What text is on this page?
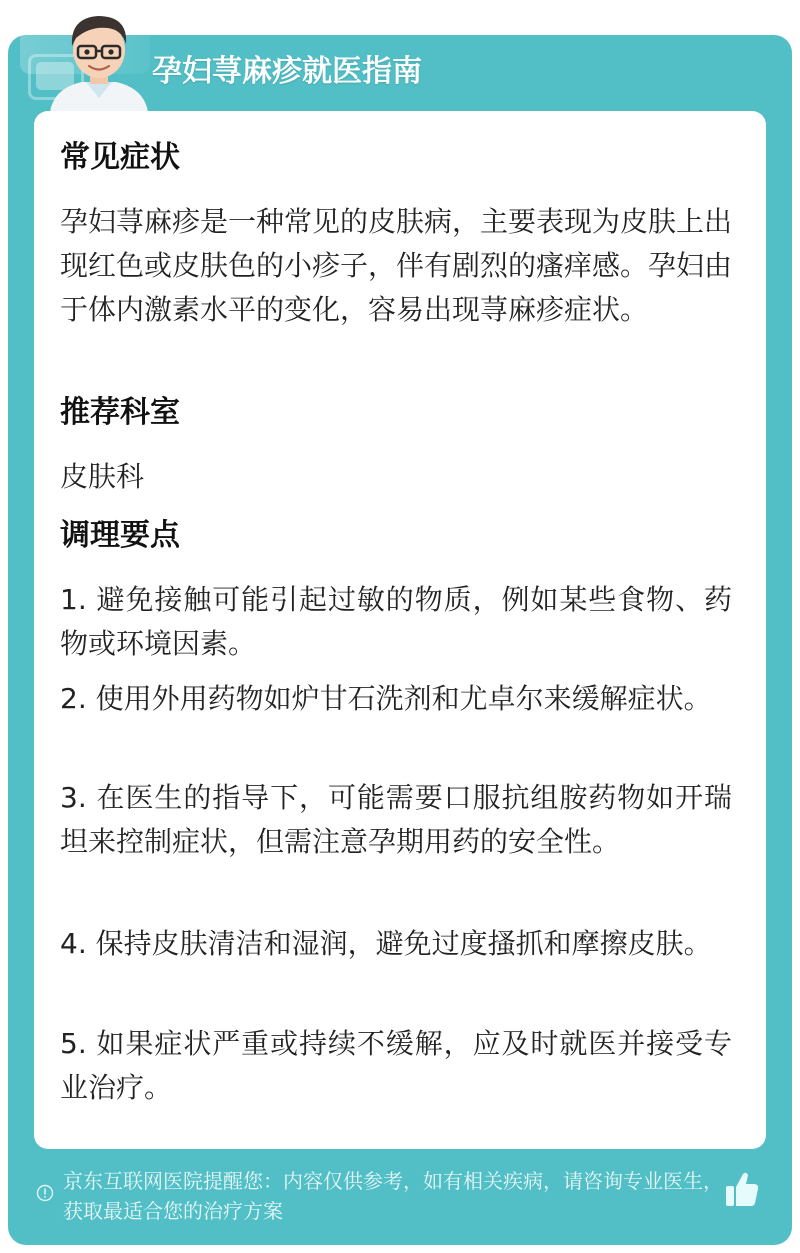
孕妇荨麻疹就医指南
常见症状

孕妇荨麻疹是一种常见的皮肤病，主要表现为皮肤上出现红色或皮肤色的小疹子，伴有剧烈的瘙痒感。孕妇由于体内激素水平的变化，容易出现荨麻疹症状。

推荐科室

皮肤科

调理要点

1. 避免接触可能引起过敏的物质，例如某些食物、药物或环境因素。

2. 使用外用药物如炉甘石洗剂和尤卓尔来缓解症状。

3. 在医生的指导下，可能需要口服抗组胺药物如开瑞坦来控制症状，但需注意孕期用药的安全性。

4. 保持皮肤清洁和湿润，避免过度搔抓和摩擦皮肤。

5. 如果症状严重或持续不缓解，应及时就医并接受专业治疗。

京东互联网医院提醒您：内容仅供参考，如有相关疾病，请咨询专业医生，获取最适合您的治疗方案
